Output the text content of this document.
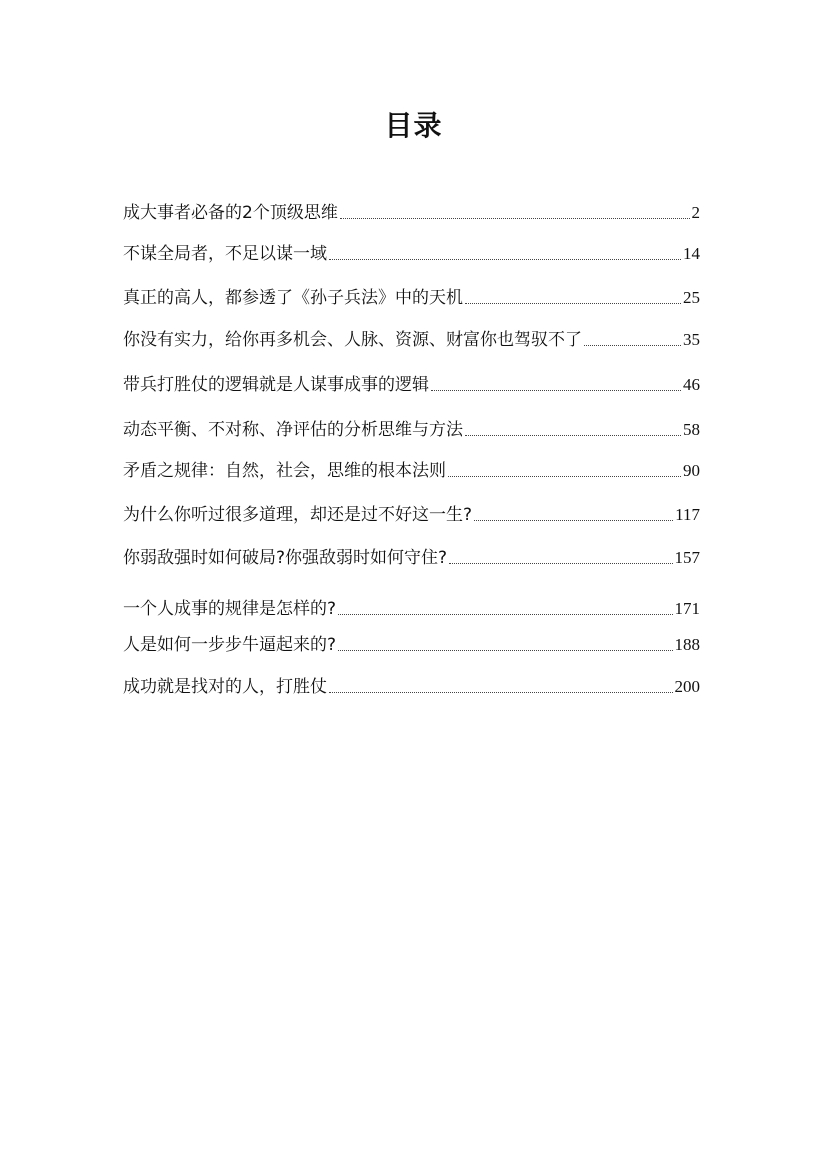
目录
成大事者必备的2个顶级思维	2
不谋全局者，不足以谋一域	14
真正的高人，都参透了《孙子兵法》中的天机	25
你没有实力，给你再多机会、人脉、资源、财富你也驾驭不了	35
带兵打胜仗的逻辑就是人谋事成事的逻辑	46
动态平衡、不对称、净评估的分析思维与方法	58
矛盾之规律：自然，社会，思维的根本法则	90
为什么你听过很多道理，却还是过不好这一生?	117
你弱敌强时如何破局?你强敌弱时如何守住?	157
一个人成事的规律是怎样的?	171
人是如何一步步牛逼起来的?	188
成功就是找对的人，打胜仗	200
